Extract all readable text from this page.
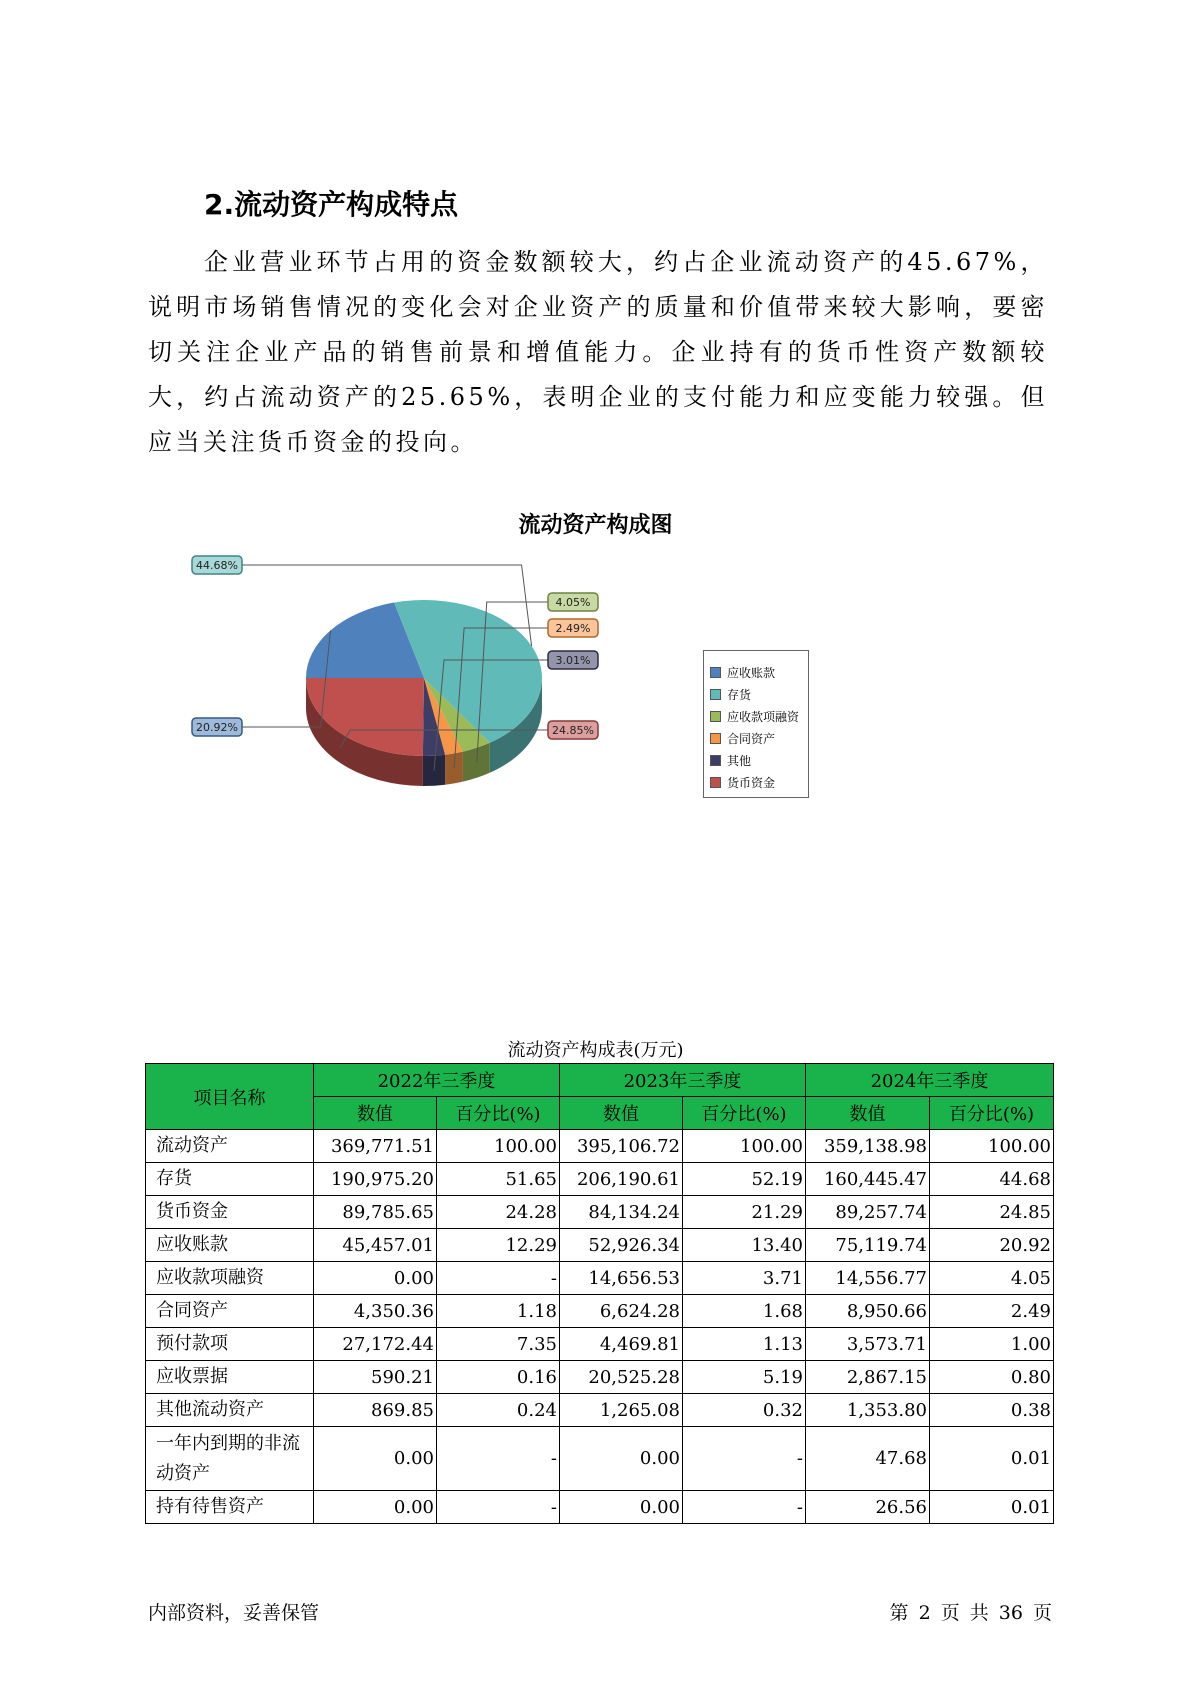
2.流动资产构成特点

企业营业环节占用的资金数额较大，约占企业流动资产的45.67%，说明市场销售情况的变化会对企业资产的质量和价值带来较大影响，要密切关注企业产品的销售前景和增值能力。企业持有的货币性资产数额较大，约占流动资产的25.65%，表明企业的支付能力和应变能力较强。但应当关注货币资金的投向。

流动资产构成图
20.92%
44.68%
4.05%
2.49%
3.01%
24.85%
应收账款
存货
应收款项融资
合同资产
其他
货币资金
流动资产构成表(万元)
项目名称	2022年三季度		2023年三季度		2024年三季度	
	数值	百分比(%)	数值	百分比(%)	数值	百分比(%)
流动资产	369,771.51	100.00	395,106.72	100.00	359,138.98	100.00
存货	190,975.20	51.65	206,190.61	52.19	160,445.47	44.68
货币资金	89,785.65	24.28	84,134.24	21.29	89,257.74	24.85
应收账款	45,457.01	12.29	52,926.34	13.40	75,119.74	20.92
应收款项融资	0.00	-	14,656.53	3.71	14,556.77	4.05
合同资产	4,350.36	1.18	6,624.28	1.68	8,950.66	2.49
预付款项	27,172.44	7.35	4,469.81	1.13	3,573.71	1.00
应收票据	590.21	0.16	20,525.28	5.19	2,867.15	0.80
其他流动资产	869.85	0.24	1,265.08	0.32	1,353.80	0.38
一年内到期的非流动资产	0.00	-	0.00	-	47.68	0.01
持有待售资产	0.00	-	0.00	-	26.56	0.01
内部资料，妥善保管	第 2 页 共 36 页
